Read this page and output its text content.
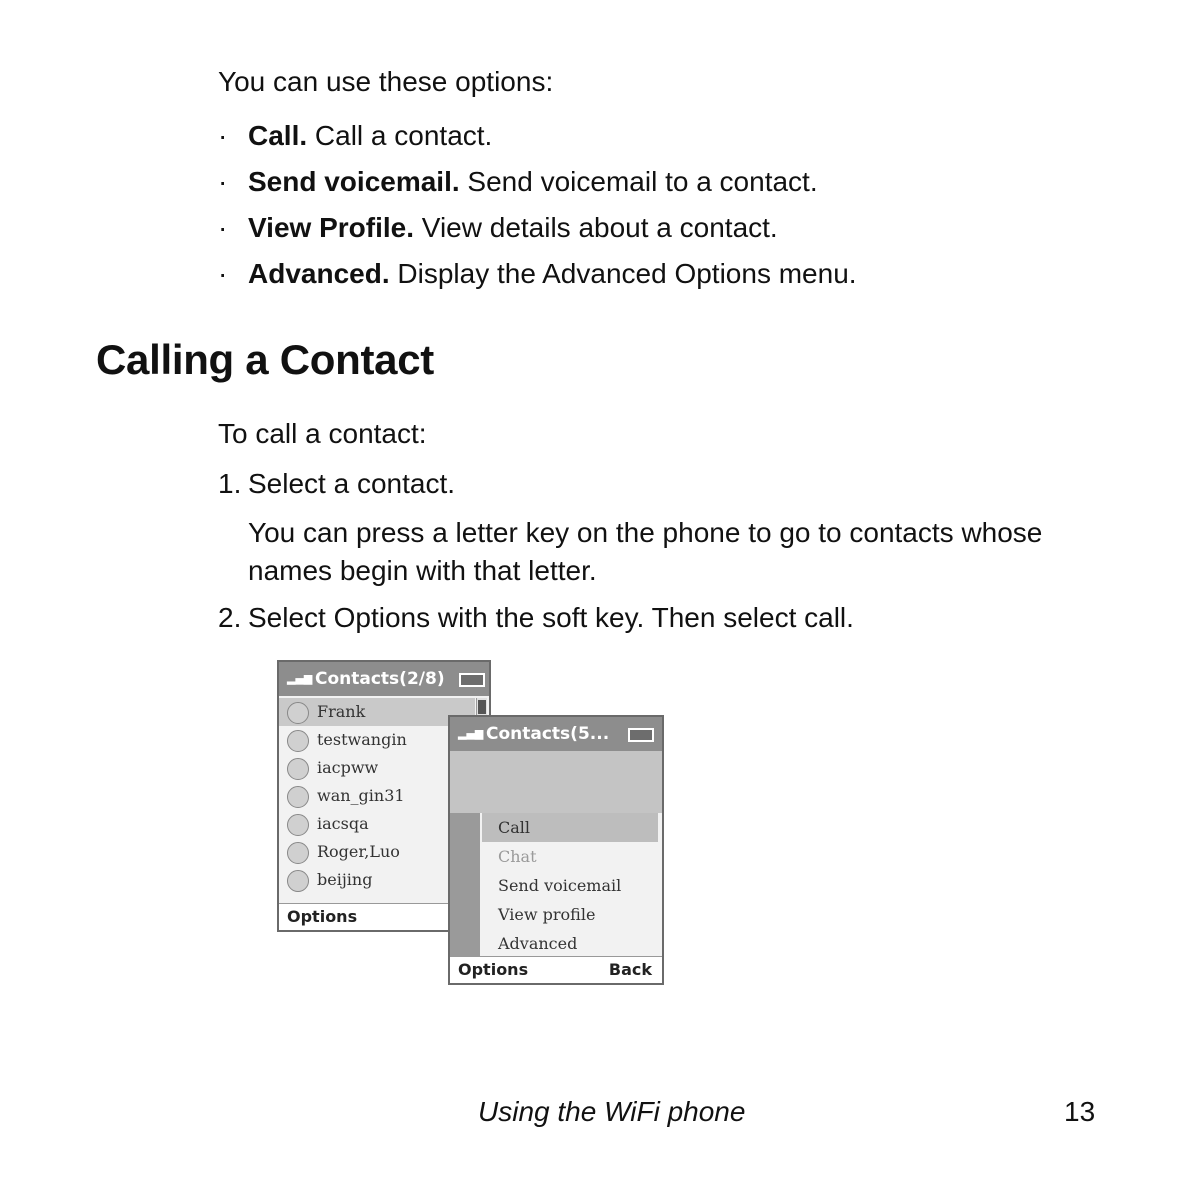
You can use these options:
· Call. Call a contact.
· Send voicemail. Send voicemail to a contact.
· View Profile. View details about a contact.
· Advanced. Display the Advanced Options menu.
Calling a Contact
To call a contact:
1. Select a contact.
You can press a letter key on the phone to go to contacts whose names begin with that letter.
2. Select Options with the soft key. Then select call.
▂▄▆ Contacts(2/8)
Frank
testwangin
iacpww
wan_gin31
iacsqa
Roger,Luo
beijing
Options
▂▄▆ Contacts(5...
Call
Chat
Send voicemail
View profile
Advanced
Options	Back
Using the WiFi phone	13
